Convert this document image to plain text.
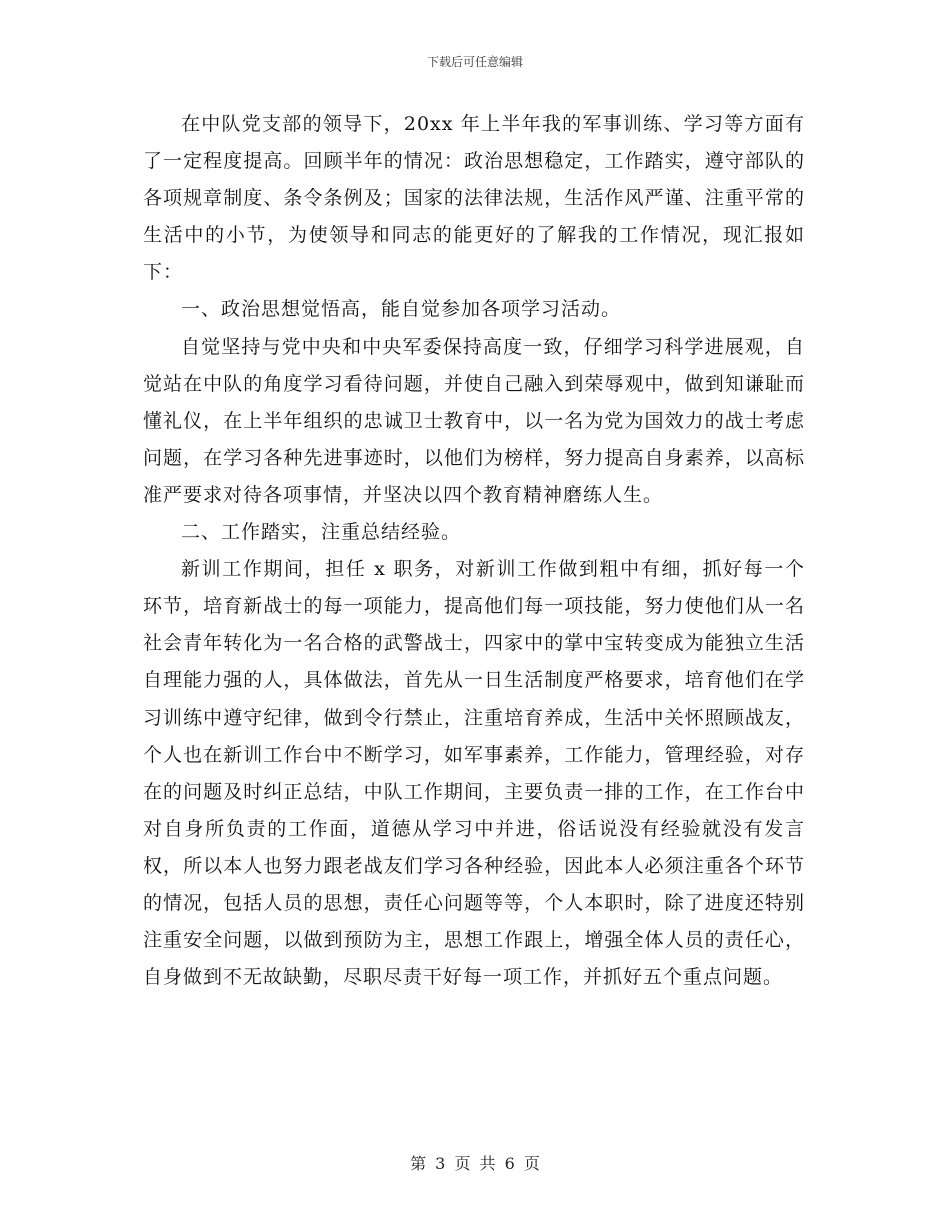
下载后可任意编辑

在中队党支部的领导下，20xx 年上半年我的军事训练、学习等方面有了一定程度提高。回顾半年的情况：政治思想稳定，工作踏实，遵守部队的各项规章制度、条令条例及；国家的法律法规，生活作风严谨、注重平常的生活中的小节，为使领导和同志的能更好的了解我的工作情况，现汇报如下：

一、政治思想觉悟高，能自觉参加各项学习活动。

自觉坚持与党中央和中央军委保持高度一致，仔细学习科学进展观，自觉站在中队的角度学习看待问题，并使自己融入到荣辱观中，做到知谦耻而懂礼仪，在上半年组织的忠诚卫士教育中，以一名为党为国效力的战士考虑问题，在学习各种先进事迹时，以他们为榜样，努力提高自身素养，以高标准严要求对待各项事情，并坚决以四个教育精神磨练人生。

二、工作踏实，注重总结经验。

新训工作期间，担任 x 职务，对新训工作做到粗中有细，抓好每一个环节，培育新战士的每一项能力，提高他们每一项技能，努力使他们从一名社会青年转化为一名合格的武警战士，四家中的掌中宝转变成为能独立生活自理能力强的人，具体做法，首先从一日生活制度严格要求，培育他们在学习训练中遵守纪律，做到令行禁止，注重培育养成，生活中关怀照顾战友，个人也在新训工作台中不断学习，如军事素养，工作能力，管理经验，对存在的问题及时纠正总结，中队工作期间，主要负责一排的工作，在工作台中对自身所负责的工作面，道德从学习中并进，俗话说没有经验就没有发言权，所以本人也努力跟老战友们学习各种经验，因此本人必须注重各个环节的情况，包括人员的思想，责任心问题等等，个人本职时，除了进度还特别注重安全问题，以做到预防为主，思想工作跟上，增强全体人员的责任心，自身做到不无故缺勤，尽职尽责干好每一项工作，并抓好五个重点问题。

第 3 页 共 6 页
